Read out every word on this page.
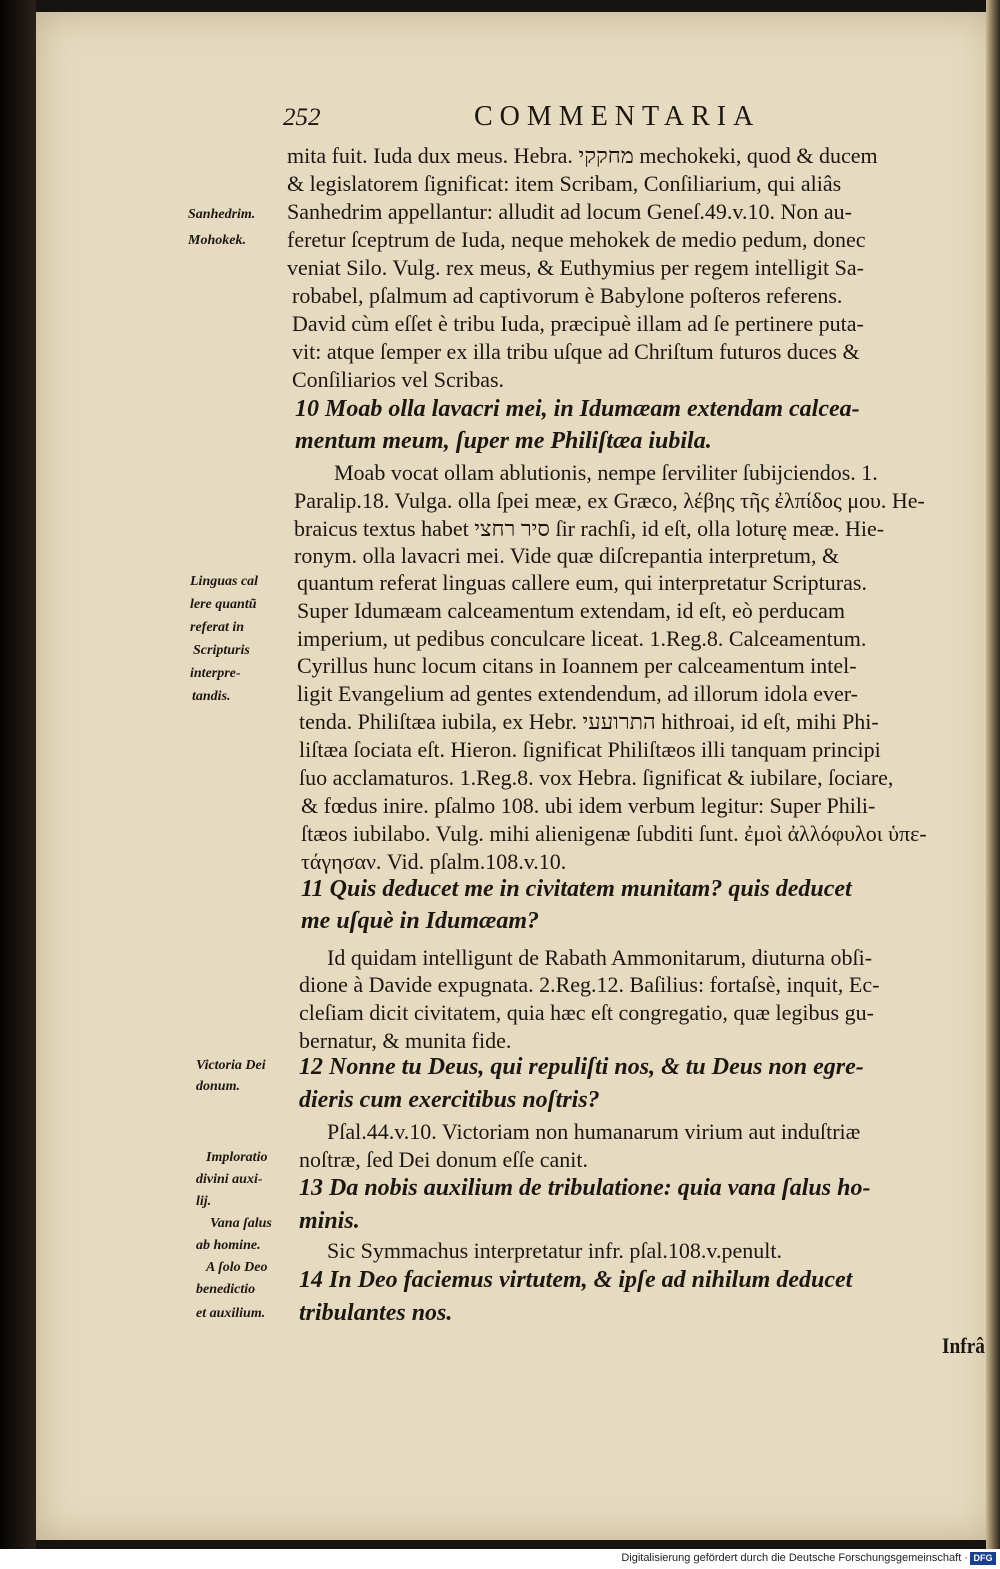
252	COMMENTARIA
mita fuit. Iuda dux meus. Hebra. מחקקי mechokeki, quod & ducem
& legislatorem ſignificat: item Scribam, Conſiliarium, qui aliâs
Sanhedrim appellantur: alludit ad locum Geneſ.49.v.10. Non au-
feretur ſceptrum de Iuda, neque mehokek de medio pedum, donec
veniat Silo. Vulg. rex meus, & Euthymius per regem intelligit Sa-
robabel, pſalmum ad captivorum è Babylone poſteros referens.
David cùm eſſet è tribu Iuda, præcipuè illam ad ſe pertinere puta-
vit: atque ſemper ex illa tribu uſque ad Chriſtum futuros duces &
Conſiliarios vel Scribas.
10 Moab olla lavacri mei, in Idumæam extendam calcea-
mentum meum, ſuper me Philiſtæa iubila.
Moab vocat ollam ablutionis, nempe ſerviliter ſubijciendos. 1.
Paralip.18. Vulga. olla ſpei meæ, ex Græco, λέβης τῆς ἐλπίδος μου. He-
braicus textus habet סיר רחצי ſir rachſi, id eſt, olla loturę meæ. Hie-
ronym. olla lavacri mei. Vide quæ diſcrepantia interpretum, &
quantum referat linguas callere eum, qui interpretatur Scripturas.
Super Idumæam calceamentum extendam, id eſt, eò perducam
imperium, ut pedibus conculcare liceat. 1.Reg.8. Calceamentum.
Cyrillus hunc locum citans in Ioannem per calceamentum intel-
ligit Evangelium ad gentes extendendum, ad illorum idola ever-
tenda. Philiſtæa iubila, ex Hebr. התרועעי hithroai, id eſt, mihi Phi-
liſtæa ſociata eſt. Hieron. ſignificat Philiſtæos illi tanquam principi
ſuo acclamaturos. 1.Reg.8. vox Hebra. ſignificat & iubilare, ſociare,
& fœdus inire. pſalmo 108. ubi idem verbum legitur: Super Phili-
ſtæos iubilabo. Vulg. mihi alienigenæ ſubditi ſunt. ἐμοὶ ἀλλόφυλοι ὑπε-
τάγησαν. Vid. pſalm.108.v.10.
11 Quis deducet me in civitatem munitam? quis deducet
me uſquè in Idumæam?
Id quidam intelligunt de Rabath Ammonitarum, diuturna obſi-
dione à Davide expugnata. 2.Reg.12. Baſilius: fortaſsè, inquit, Ec-
cleſiam dicit civitatem, quia hæc eſt congregatio, quæ legibus gu-
bernatur, & munita fide.
12 Nonne tu Deus, qui repuliſti nos, & tu Deus non egre-
dieris cum exercitibus noſtris?
Pſal.44.v.10. Victoriam non humanarum virium aut induſtriæ
noſtræ, ſed Dei donum eſſe canit.
13 Da nobis auxilium de tribulatione: quia vana ſalus ho-
minis.
Sic Symmachus interpretatur infr. pſal.108.v.penult.
14 In Deo faciemus virtutem, & ipſe ad nihilum deducet
tribulantes nos.
Sanhedrim.
Mohokek.
Linguas cal
lere quantũ
referat in
Scripturis
interpre-
tandis.
Victoria Dei
donum.
Imploratio
divini auxi-
lij.
Vana ſalus
ab homine.
A ſolo Deo
benedictio
et auxilium.
Infrâ
Digitalisierung gefördert durch die Deutsche Forschungsgemeinschaft · DFG
